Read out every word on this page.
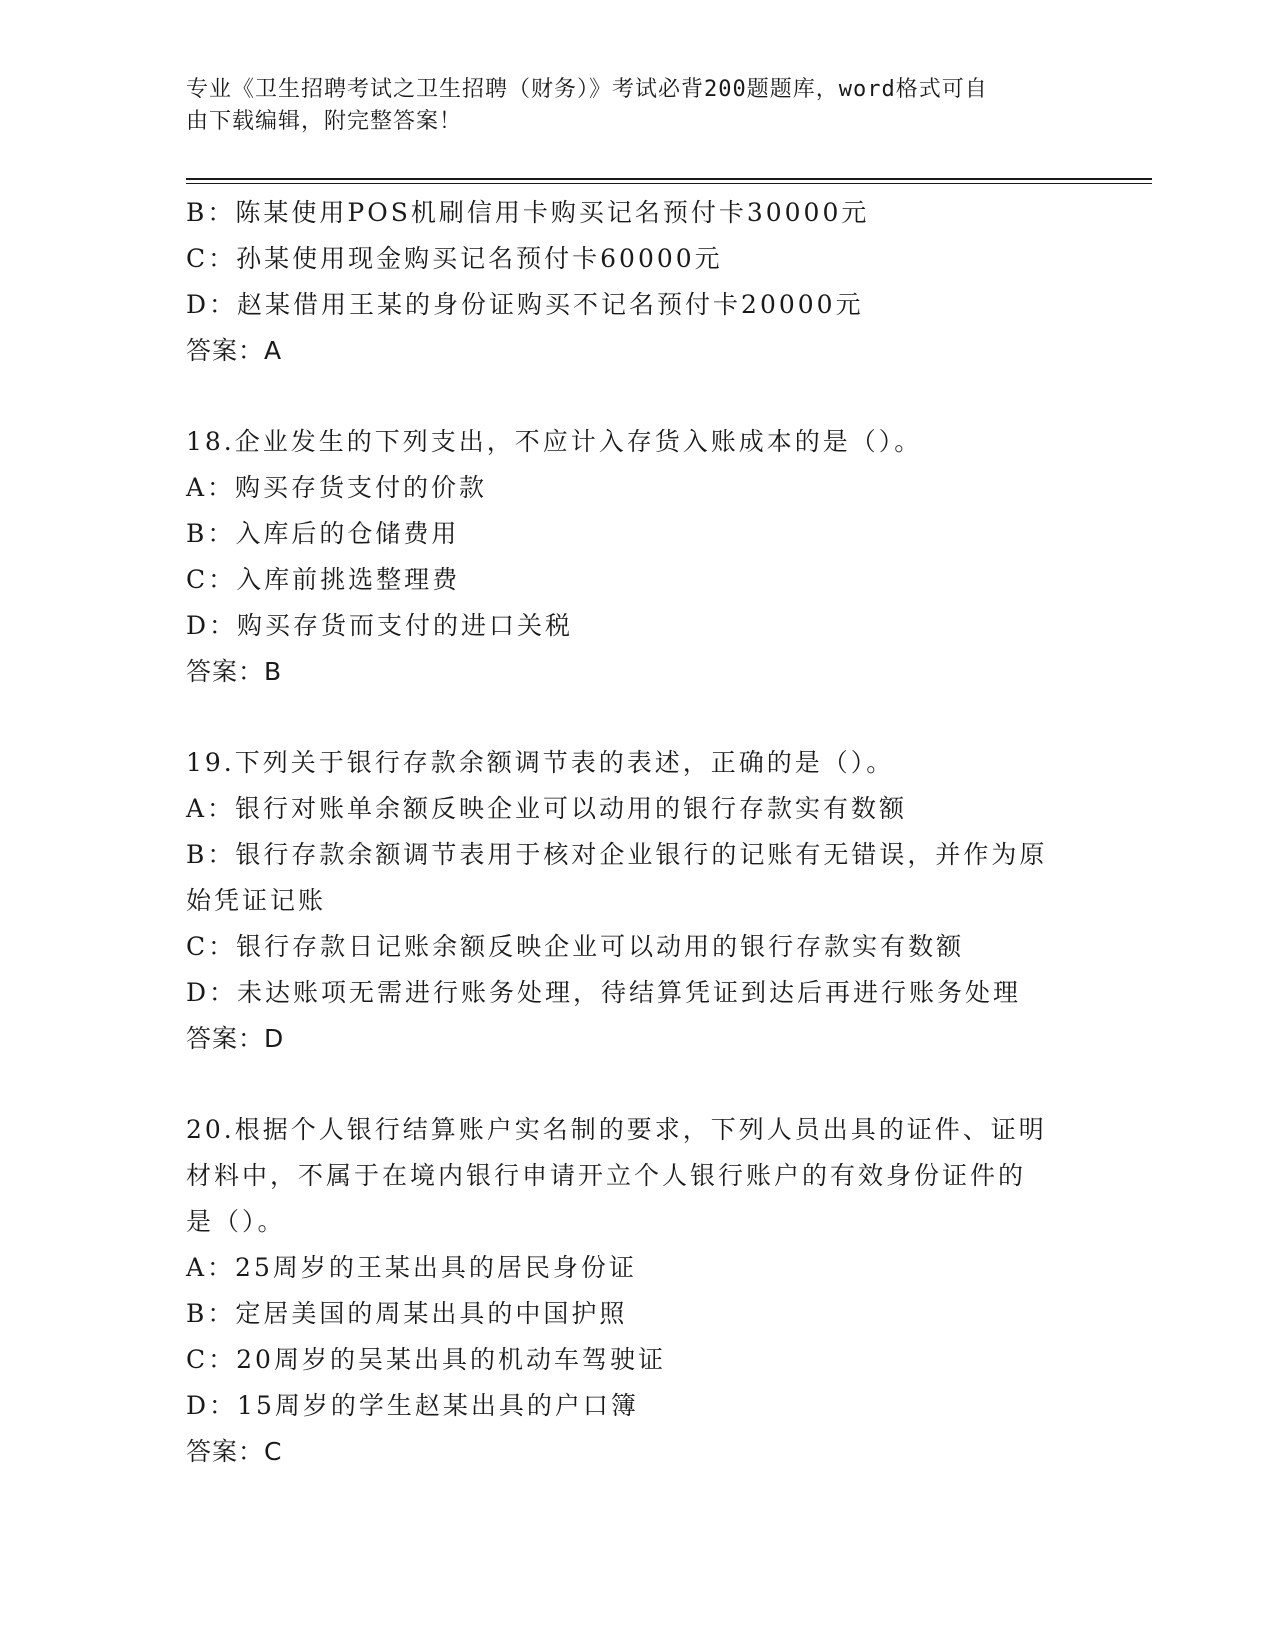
专业《卫生招聘考试之卫生招聘（财务）》考试必背200题题库，word格式可自
由下载编辑，附完整答案！
B：陈某使用POS机刷信用卡购买记名预付卡30000元
C：孙某使用现金购买记名预付卡60000元
D：赵某借用王某的身份证购买不记名预付卡20000元
答案：A
18.企业发生的下列支出，不应计入存货入账成本的是（）。
A：购买存货支付的价款
B：入库后的仓储费用
C：入库前挑选整理费
D：购买存货而支付的进口关税
答案：B
19.下列关于银行存款余额调节表的表述，正确的是（）。
A：银行对账单余额反映企业可以动用的银行存款实有数额
B：银行存款余额调节表用于核对企业银行的记账有无错误，并作为原
始凭证记账
C：银行存款日记账余额反映企业可以动用的银行存款实有数额
D：未达账项无需进行账务处理，待结算凭证到达后再进行账务处理
答案：D
20.根据个人银行结算账户实名制的要求，下列人员出具的证件、证明
材料中，不属于在境内银行申请开立个人银行账户的有效身份证件的
是（）。
A：25周岁的王某出具的居民身份证
B：定居美国的周某出具的中国护照
C：20周岁的吴某出具的机动车驾驶证
D：15周岁的学生赵某出具的户口簿
答案：C
